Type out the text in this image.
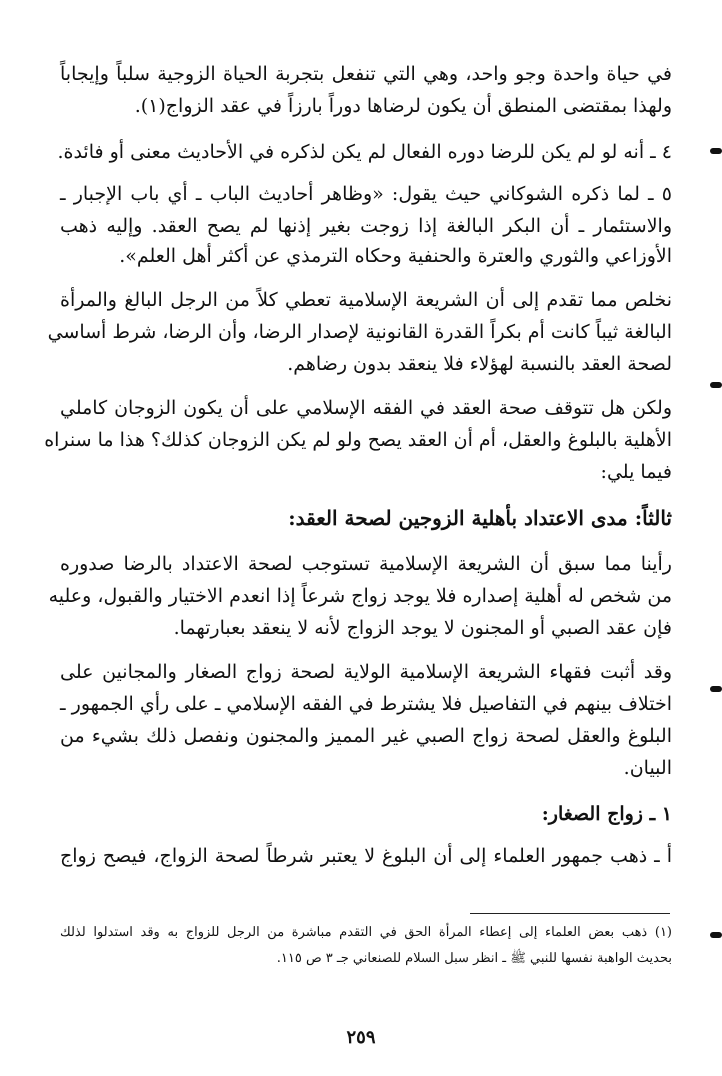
في حياة واحدة وجو واحد، وهي التي تنفعل بتجربة الحياة الزوجية سلباً وإيجاباً
ولهذا بمقتضى المنطق أن يكون لرضاها دوراً بارزاً في عقد الزواج(١).
٤ ـ أنه لو لم يكن للرضا دوره الفعال لم يكن لذكره في الأحاديث معنى أو فائدة.
٥ ـ لما ذكره الشوكاني حيث يقول: «وظاهر أحاديث الباب ـ أي باب الإجبار ـ
والاستئمار ـ أن البكر البالغة إذا زوجت بغير إذنها لم يصح العقد. وإليه ذهب
الأوزاعي والثوري والعترة والحنفية وحكاه الترمذي عن أكثر أهل العلم».
نخلص مما تقدم إلى أن الشريعة الإسلامية تعطي كلاً من الرجل البالغ والمرأة
البالغة ثيباً كانت أم بكراً القدرة القانونية لإصدار الرضا، وأن الرضا، شرط أساسي
لصحة العقد بالنسبة لهؤلاء فلا ينعقد بدون رضاهم.
ولكن هل تتوقف صحة العقد في الفقه الإسلامي على أن يكون الزوجان كاملي
الأهلية بالبلوغ والعقل، أم أن العقد يصح ولو لم يكن الزوجان كذلك؟ هذا ما سنراه
فيما يلي:
ثالثاً: مدى الاعتداد بأهلية الزوجين لصحة العقد:
رأينا مما سبق أن الشريعة الإسلامية تستوجب لصحة الاعتداد بالرضا صدوره
من شخص له أهلية إصداره فلا يوجد زواج شرعاً إذا انعدم الاختيار والقبول، وعليه
فإن عقد الصبي أو المجنون لا يوجد الزواج لأنه لا ينعقد بعبارتهما.
وقد أثبت فقهاء الشريعة الإسلامية الولاية لصحة زواج الصغار والمجانين على
اختلاف بينهم في التفاصيل فلا يشترط في الفقه الإسلامي ـ على رأي الجمهور ـ
البلوغ والعقل لصحة زواج الصبي غير المميز والمجنون ونفصل ذلك بشيء من
البيان.
١ ـ زواج الصغار:
أ ـ ذهب جمهور العلماء إلى أن البلوغ لا يعتبر شرطاً لصحة الزواج، فيصح زواج
(١) ذهب بعض العلماء إلى إعطاء المرأة الحق في التقدم مباشرة من الرجل للزواج به وقد استدلوا لذلك
بحديث الواهبة نفسها للنبي ﷺ ـ انظر سبل السلام للصنعاني جـ ٣ ص ١١٥.
٢٥٩
